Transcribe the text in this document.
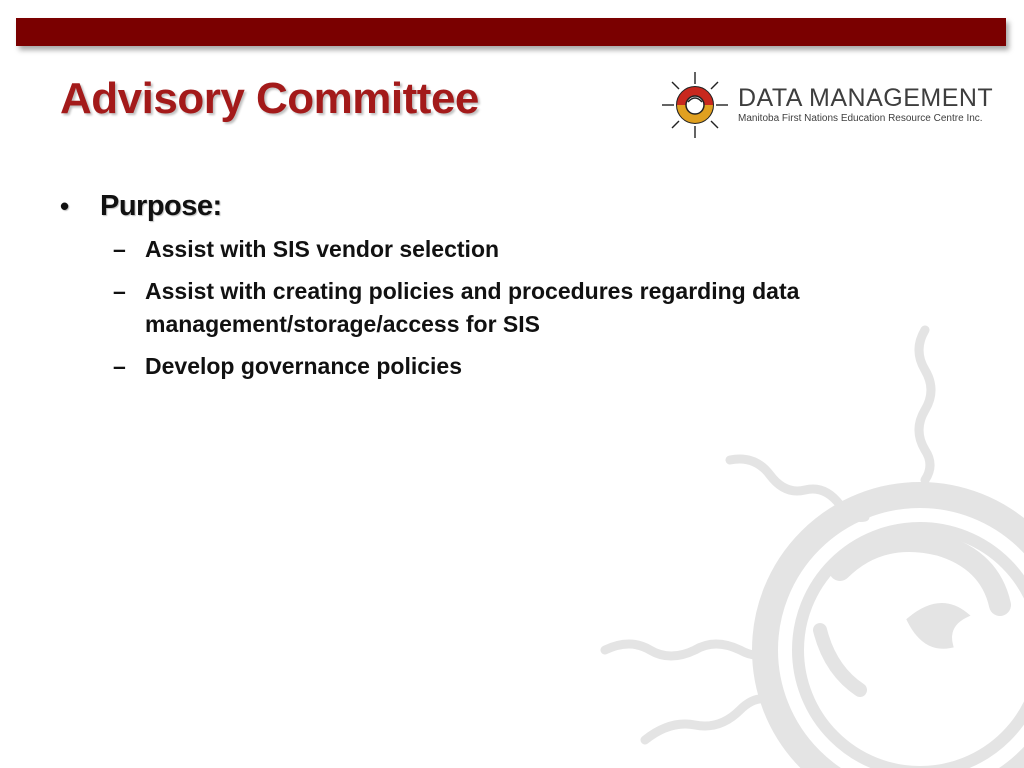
Advisory Committee	DATA MANAGEMENT
Manitoba First Nations Education Resource Centre Inc.
•	Purpose:
– Assist with SIS vendor selection
– Assist with creating policies and procedures regarding data management/storage/access for SIS
– Develop governance policies
